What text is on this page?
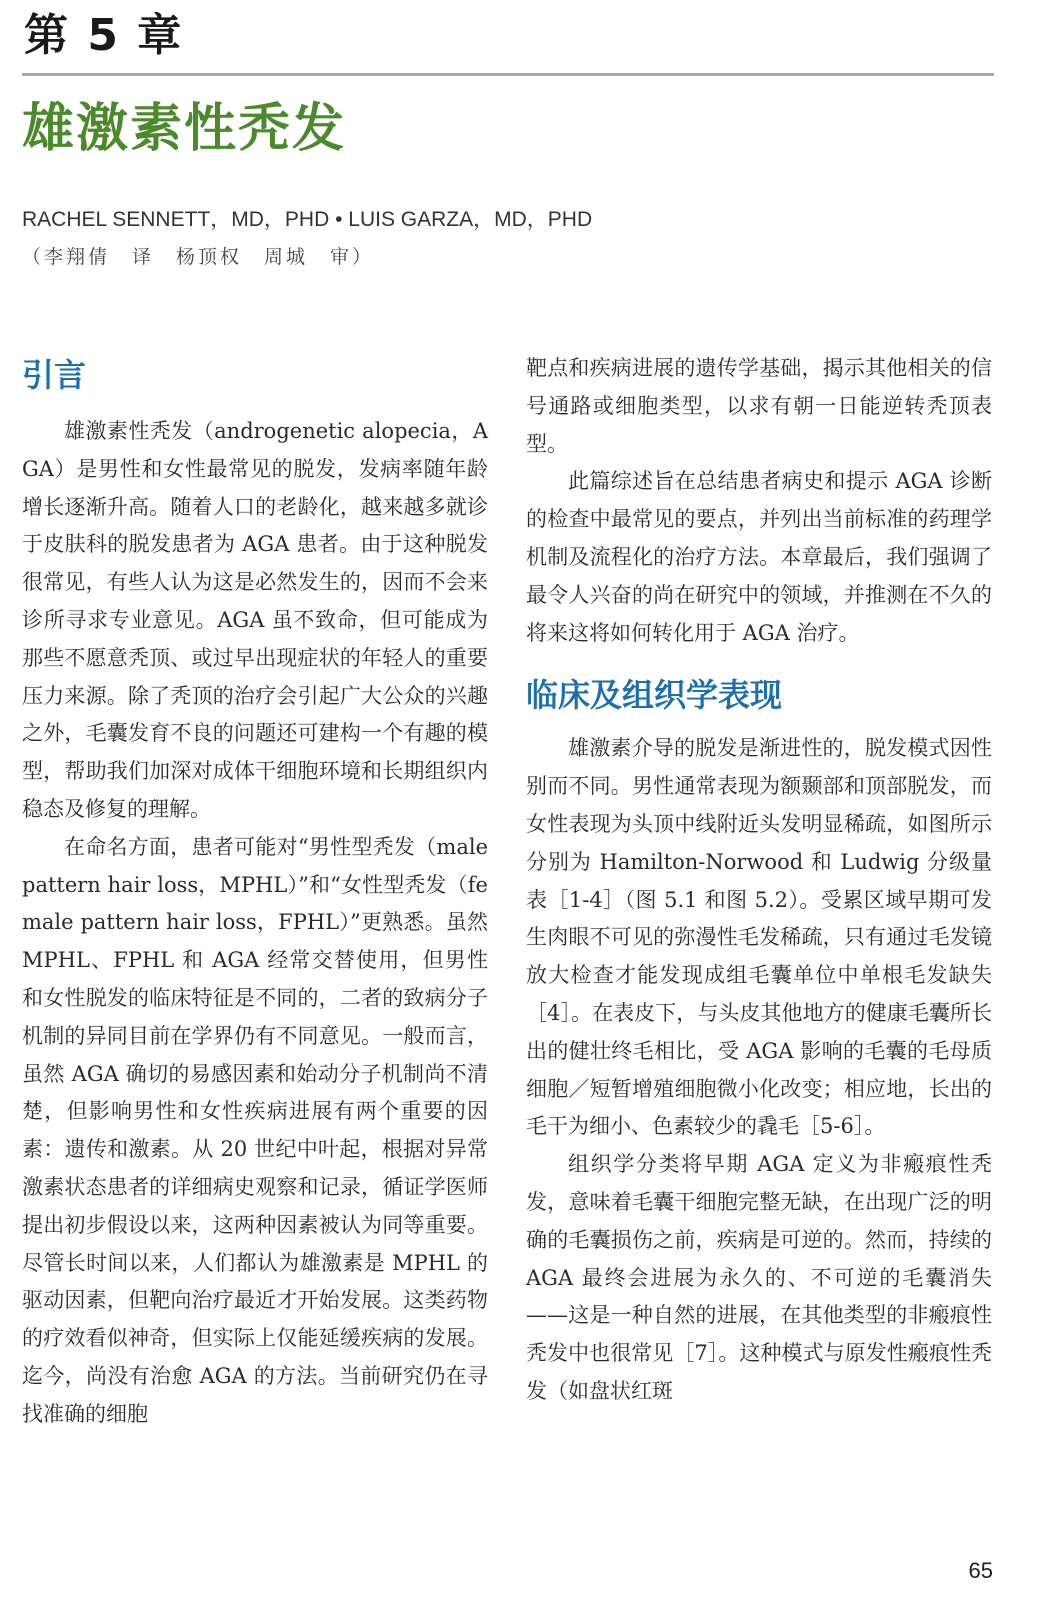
第 5 章
雄激素性秃发
RACHEL SENNETT，MD，PHD • LUIS GARZA，MD，PHD
（李翔倩　译　杨顶权　周城　审）
引言

雄激素性秃发（androgenetic alopecia，AGA）是男性和女性最常见的脱发，发病率随年龄增长逐渐升高。随着人口的老龄化，越来越多就诊于皮肤科的脱发患者为 AGA 患者。由于这种脱发很常见，有些人认为这是必然发生的，因而不会来诊所寻求专业意见。AGA 虽不致命，但可能成为那些不愿意秃顶、或过早出现症状的年轻人的重要压力来源。除了秃顶的治疗会引起广大公众的兴趣之外，毛囊发育不良的问题还可建构一个有趣的模型，帮助我们加深对成体干细胞环境和长期组织内稳态及修复的理解。

在命名方面，患者可能对“男性型秃发（male pattern hair loss，MPHL）”和“女性型秃发（female pattern hair loss，FPHL）”更熟悉。虽然 MPHL、FPHL 和 AGA 经常交替使用，但男性和女性脱发的临床特征是不同的，二者的致病分子机制的异同目前在学界仍有不同意见。一般而言，虽然 AGA 确切的易感因素和始动分子机制尚不清楚，但影响男性和女性疾病进展有两个重要的因素：遗传和激素。从 20 世纪中叶起，根据对异常激素状态患者的详细病史观察和记录，循证学医师提出初步假设以来，这两种因素被认为同等重要。尽管长时间以来，人们都认为雄激素是 MPHL 的驱动因素，但靶向治疗最近才开始发展。这类药物的疗效看似神奇，但实际上仅能延缓疾病的发展。迄今，尚没有治愈 AGA 的方法。当前研究仍在寻找准确的细胞

靶点和疾病进展的遗传学基础，揭示其他相关的信号通路或细胞类型，以求有朝一日能逆转秃顶表型。

此篇综述旨在总结患者病史和提示 AGA 诊断的检查中最常见的要点，并列出当前标准的药理学机制及流程化的治疗方法。本章最后，我们强调了最令人兴奋的尚在研究中的领域，并推测在不久的将来这将如何转化用于 AGA 治疗。

临床及组织学表现

雄激素介导的脱发是渐进性的，脱发模式因性别而不同。男性通常表现为额颞部和顶部脱发，而女性表现为头顶中线附近头发明显稀疏，如图所示分别为 Hamilton-Norwood 和 Ludwig 分级量表［1-4］（图 5.1 和图 5.2）。受累区域早期可发生肉眼不可见的弥漫性毛发稀疏，只有通过毛发镜放大检查才能发现成组毛囊单位中单根毛发缺失［4］。在表皮下，与头皮其他地方的健康毛囊所长出的健壮终毛相比，受 AGA 影响的毛囊的毛母质细胞／短暂增殖细胞微小化改变；相应地，长出的毛干为细小、色素较少的毳毛［5-6］。

组织学分类将早期 AGA 定义为非瘢痕性秃发，意味着毛囊干细胞完整无缺，在出现广泛的明确的毛囊损伤之前，疾病是可逆的。然而，持续的 AGA 最终会进展为永久的、不可逆的毛囊消失——这是一种自然的进展，在其他类型的非瘢痕性秃发中也很常见［7］。这种模式与原发性瘢痕性秃发（如盘状红斑

65
